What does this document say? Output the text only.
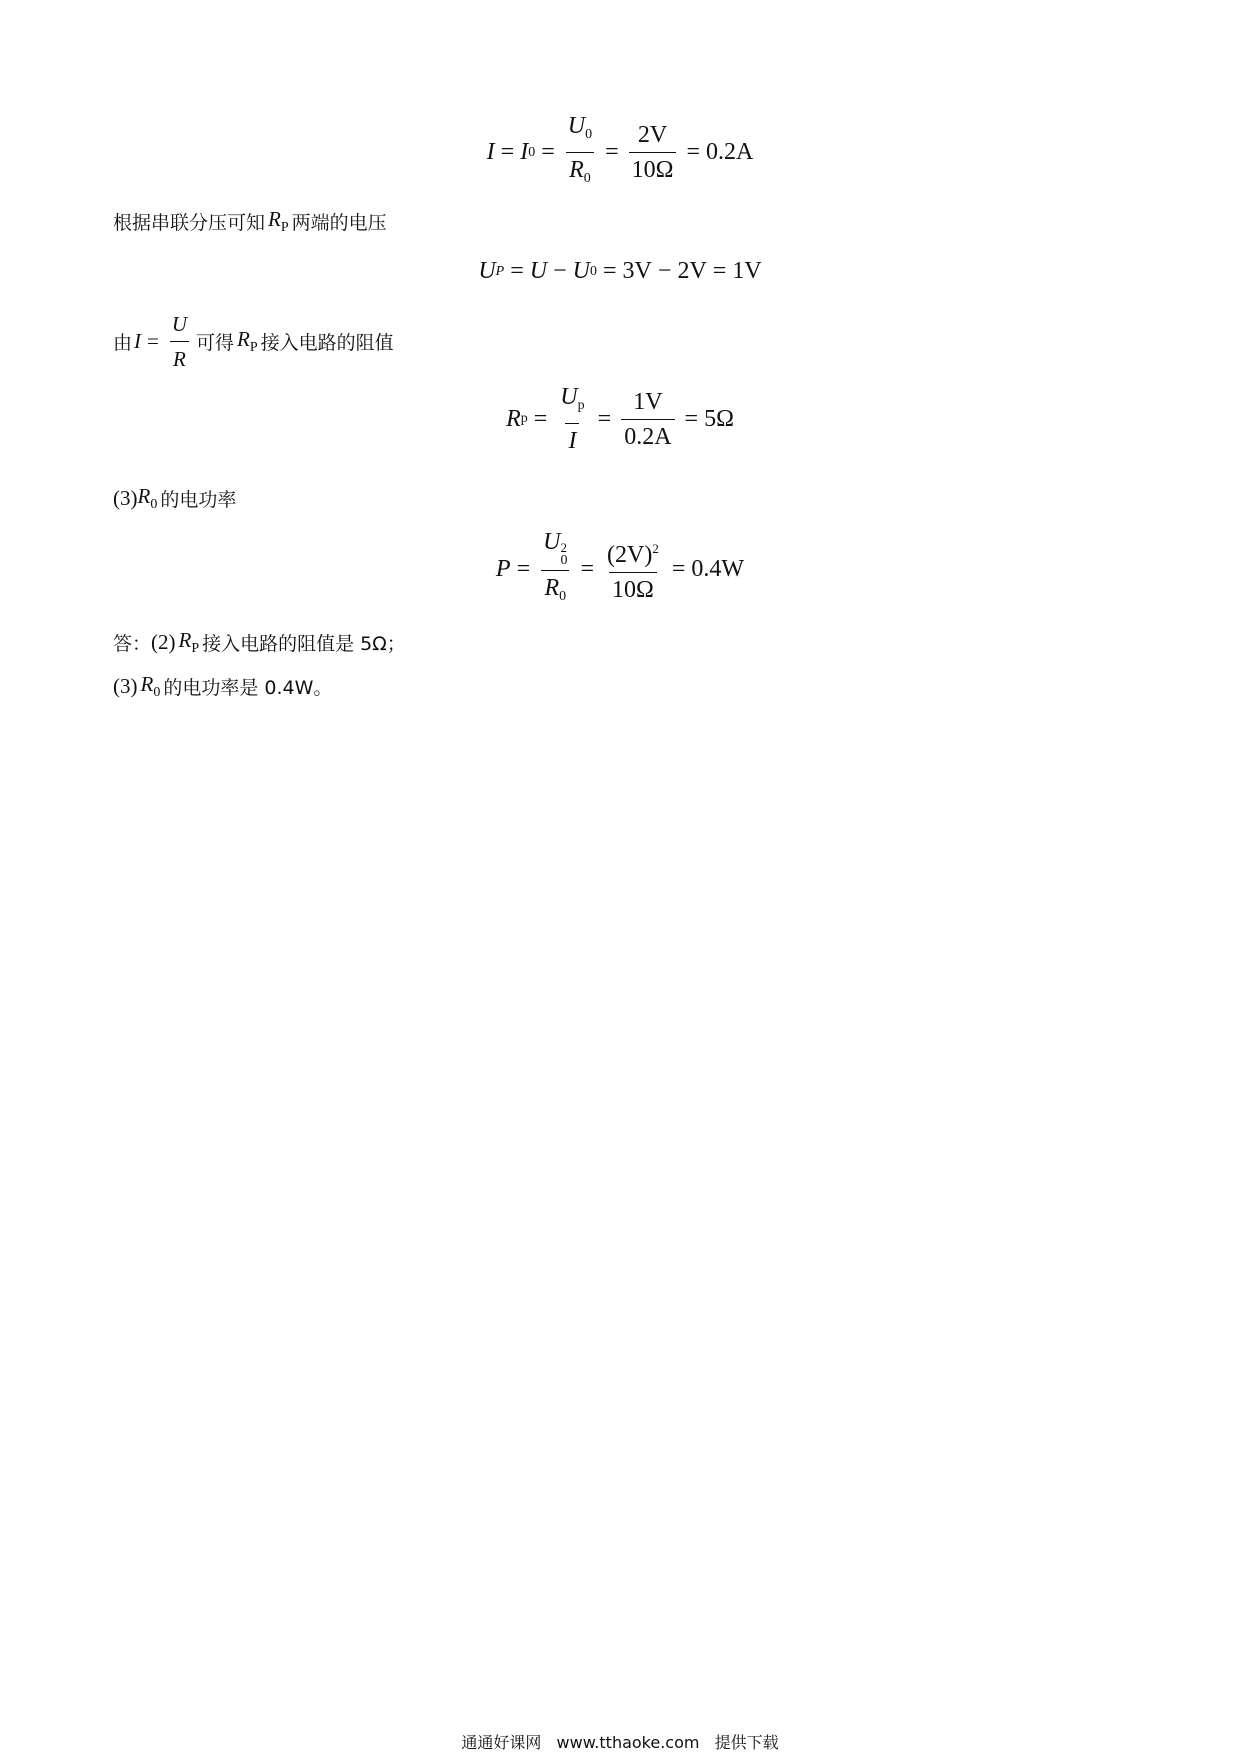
I = I $0 = \frac{U_0}{R_0} = \frac{2V}{10\Omega} = 0.2A$
根据串联分压可知 $R_P$ 两端的电压
U P = U − U 0 = 3V − 2V = 1V
由 $I = \frac{U}{R}$ 可得 $R_P$ 接入电路的阻值
R $p = \frac{U_p}{I} = \frac{1V}{0.2A} = 5\Omega$
(3) $R_0$ 的电功率
P = U 2
0
$R_0 = \frac{(2V)^2}{10\Omega} = 0.4W$
答： (2) $R_P$ 接入电路的阻值是 5Ω；
(3) $R_0$ 的电功率是 0.4W。
通通好课网 www.tthaoke.com 提供下载
